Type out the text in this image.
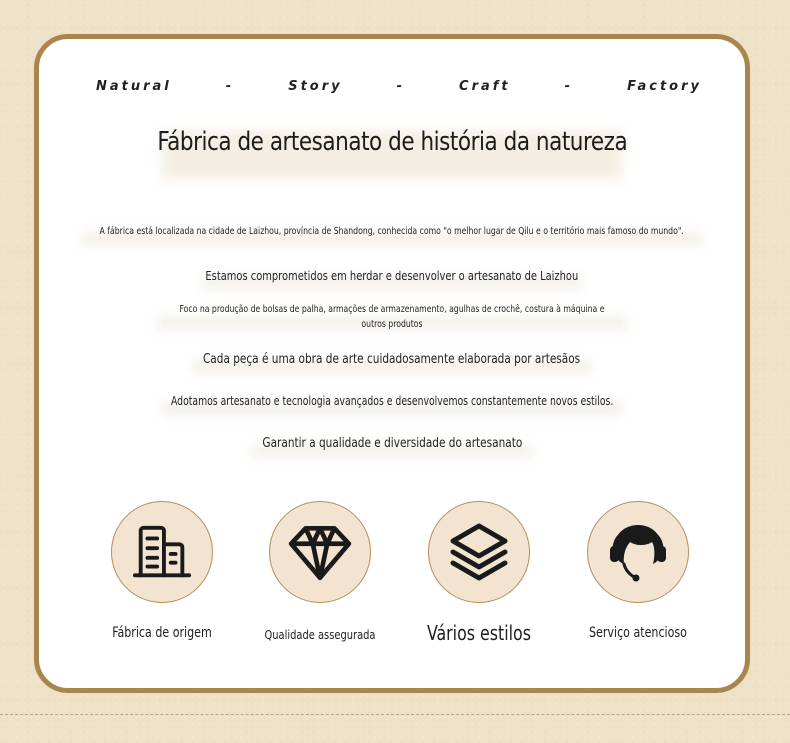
Natural	-	Story	-	Craft	-	Factory
Fábrica de artesanato de história da natureza
A fábrica está localizada na cidade de Laizhou, província de Shandong, conhecida como "o melhor lugar de Qilu e o território mais famoso do mundo".
Estamos comprometidos em herdar e desenvolver o artesanato de Laizhou
Foco na produção de bolsas de palha, armações de armazenamento, agulhas de crochê, costura à máquina e outros produtos
Cada peça é uma obra de arte cuidadosamente elaborada por artesãos
Adotamos artesanato e tecnologia avançados e desenvolvemos constantemente novos estilos.
Garantir a qualidade e diversidade do artesanato
Fábrica de origem	Qualidade assegurada	Vários estilos	Serviço atencioso
